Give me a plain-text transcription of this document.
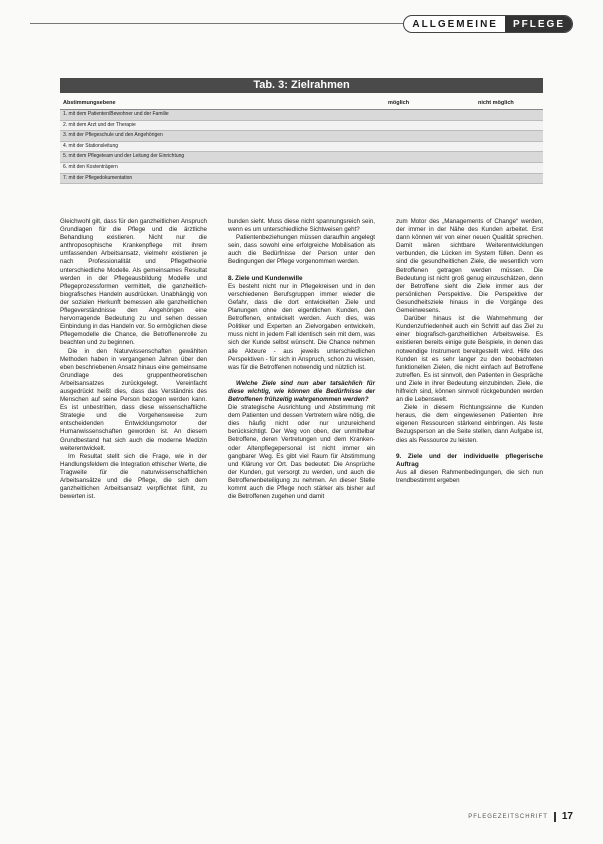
ALLGEMEINE	PFLEGE
Tab. 3: Zielrahmen
Abstimmungsebene	möglich	nicht möglich
1. mit dem Patienten/Bewohner und der Familie
2. mit dem Arzt und der Therapie
3. mit der Pflegeschule und den Angehörigen
4. mit der Stationsleitung
5. mit dem Pflegeteam und der Leitung der Einrichtung
6. mit den Kostenträgern
7. mit der Pflegedokumentation

Gleichwohl gilt, dass für den ganzheitlichen Anspruch Grundlagen für die Pflege und die ärztliche Behandlung existieren. Nicht nur die anthroposophische Krankenpflege mit ihrem umfassenden Arbeitsansatz, vielmehr existieren je nach Professionalität und Pflegetheorie unterschiedliche Modelle. Als gemeinsames Resultat werden in der Pflegeausbildung Modelle und Pflegeprozessformen vermittelt, die ganzheitlich-biografisches Handeln ausdrücken. Unabhängig von der sozialen Herkunft bemessen alle ganzheitlichen Pflegeverständnisse den Angehörigen eine hervorragende Bedeutung zu und sehen dessen Einbindung in das Handeln vor. So ermöglichen diese Pflegemodelle die Chance, die Betroffenenrolle zu beachten und zu beginnen.

Die in den Naturwissenschaften gewählten Methoden haben in vergangenen Jahren über den eben beschriebenen Ansatz hinaus eine gemeinsame Grundlage des gruppentheoretischen Arbeitsansatzes zurückgelegt. Vereinfacht ausgedrückt heißt dies, dass das Verständnis des Menschen auf seine Person bezogen werden kann. Es ist unbestritten, dass diese wissenschaftliche Strategie und die Vorgehensweise zum entscheidenden Entwicklungsmotor der Humanwissenschaften geworden ist. An diesem Grundbestand hat sich auch die moderne Medizin weiterentwickelt.

Im Resultat stellt sich die Frage, wie in der Handlungsfeldern die Integration ethischer Werte, die Tragweite für die naturwissenschaftlichen Arbeitsansätze und die Pflege, die sich dem ganzheitlichen Arbeitsansatz verpflichtet fühlt, zu bewerten ist.

bunden sieht. Muss diese nicht spannungsreich sein, wenn es um unterschiedliche Sichtweisen geht?

Patientenbeziehungen müssen daraufhin angelegt sein, dass sowohl eine erfolgreiche Mobilisation als auch die Bedürfnisse der Person unter den Bedingungen der Pflege vorgenommen werden.

8. Ziele und Kundenwille

Es besteht nicht nur in Pflegekreisen und in den verschiedenen Berufsgruppen immer wieder die Gefahr, dass die dort entwickelten Ziele und Planungen ohne den eigentlichen Kunden, den Betroffenen, entwickelt werden. Auch dies, was Politiker und Experten an Zielvorgaben entwickeln, muss nicht in jedem Fall identisch sein mit dem, was sich der Kunde selbst wünscht. Die Chance nehmen alle Akteure - aus jeweils unterschiedlichen Perspektiven - für sich in Anspruch, schon zu wissen, was für die Betroffenen notwendig und nützlich ist.

Welche Ziele sind nun aber tatsächlich für diese wichtig, wie können die Bedürfnisse der Betroffenen frühzeitig wahrgenommen werden?

Die strategische Ausrichtung und Abstimmung mit dem Patienten und dessen Vertretern wäre nötig, die dies häufig nicht oder nur unzureichend berücksichtigt. Der Weg von oben, der unmittelbar Betroffene, deren Vertretungen und dem Kranken- oder Altenpflegepersonal ist nicht immer ein gangbarer Weg. Es gibt viel Raum für Abstimmung und Klärung vor Ort. Das bedeutet: Die Ansprüche der Kunden, gut versorgt zu werden, und auch die Betroffenenbeteiligung zu nehmen. An dieser Stelle kommt auch die Pflege noch stärker als bisher auf die Betroffenen zugehen und damit

zum Motor des „Managements of Change“ werden, der immer in der Nähe des Kunden arbeitet. Erst dann können wir von einer neuen Qualität sprechen. Damit wären sichtbare Weiterentwicklungen verbunden, die Lücken im System füllen. Denn es sind die gesundheitlichen Ziele, die wesentlich vom Betroffenen getragen werden müssen. Die Bedeutung ist nicht groß genug einzuschätzen, denn der Betroffene sieht die Ziele immer aus der persönlichen Perspektive. Die Perspektive der Gesundheitsziele hinaus in die Vorgänge des Gemeinwesens.

Darüber hinaus ist die Wahrnehmung der Kundenzufriedenheit auch ein Schritt auf das Ziel zu einer biografisch-ganzheitlichen Arbeitsweise. Es existieren bereits einige gute Beispiele, in denen das notwendige Instrument bereitgestellt wird. Hilfe des Kunden ist es sehr langer zu den beobachteten funktionellen Zielen, die nicht einfach auf Betroffene zutreffen. Es ist sinnvoll, den Patienten in Gespräche und Ziele in ihrer Bedeutung einzubinden. Ziele, die hilfreich sind, können sinnvoll rückgebunden werden an die Lebenswelt.

Ziele in diesem Richtungssinne die Kunden heraus, die dem eingewiesenen Patienten ihre eigenen Ressourcen stärkend einbringen. Als feste Bezugsperson an die Seite stellen, dann Aufgabe ist, dies als Ressource zu leisten.

9. Ziele und der individuelle pflegerische Auftrag

Aus all diesen Rahmenbedingungen, die sich nun trendbestimmt ergeben

PFLEGEZEITSCHRIFT 17
